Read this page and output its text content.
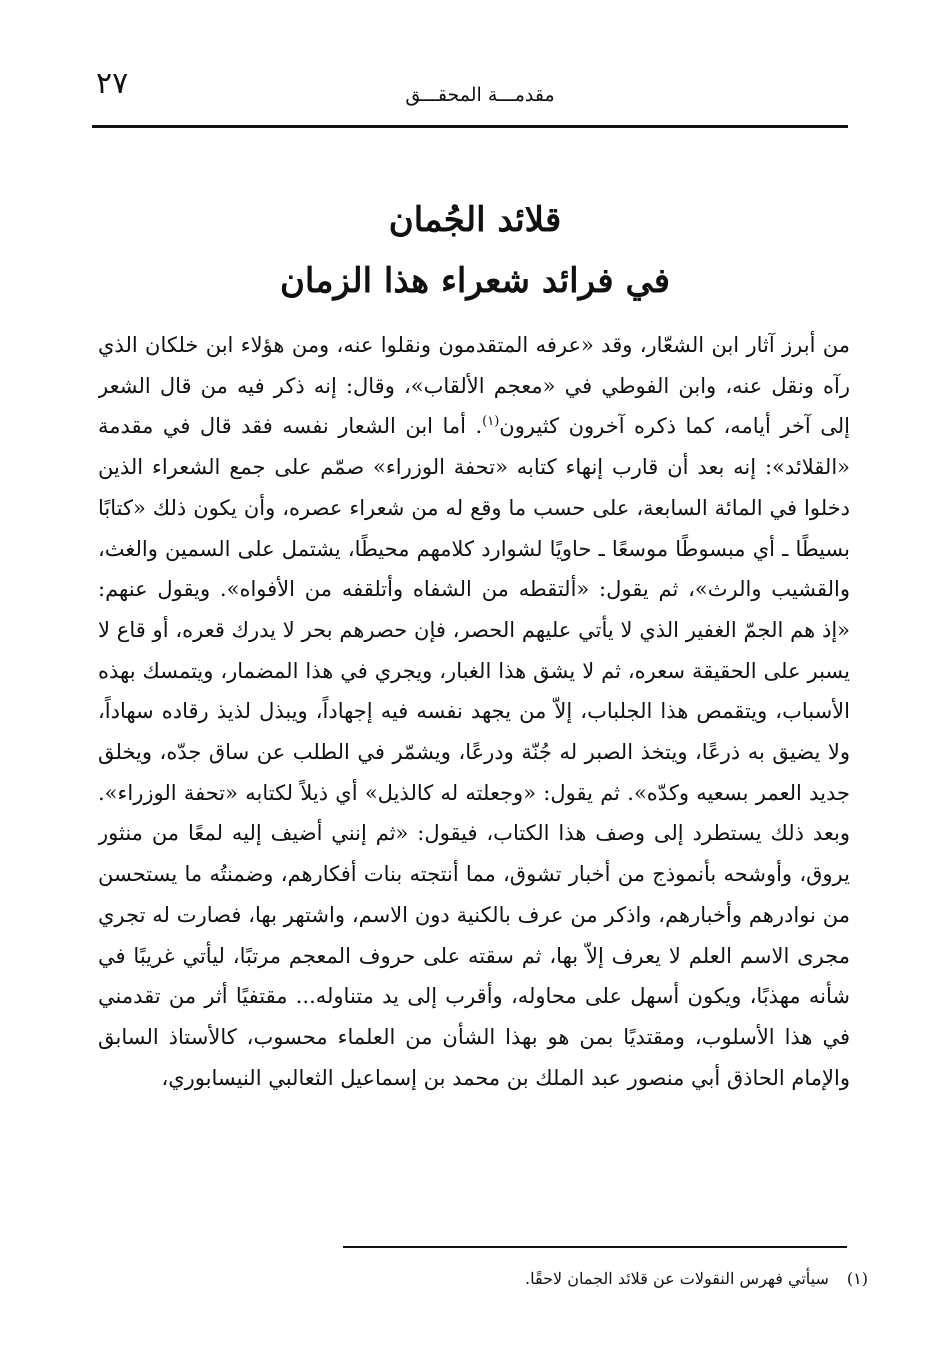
٢٧	مقدمـــة المحقـــق
قلائد الجُمان
في فرائد شعراء هذا الزمان

من أبرز آثار ابن الشعّار، وقد «عرفه المتقدمون ونقلوا عنه، ومن هؤلاء ابن خلكان الذي رآه ونقل عنه، وابن الفوطي في «معجم الألقاب»، وقال: إنه ذكر فيه من قال الشعر إلى آخر أيامه، كما ذكره آخرون كثيرون$^{(١)}$. أما ابن الشعار نفسه فقد قال في مقدمة «القلائد»: إنه بعد أن قارب إنهاء كتابه «تحفة الوزراء» صمّم على جمع الشعراء الذين دخلوا في المائة السابعة، على حسب ما وقع له من شعراء عصره، وأن يكون ذلك «كتابًا بسيطًا ـ أي مبسوطًا موسعًا ـ حاويًا لشوارد كلامهم محيطًا، يشتمل على السمين والغث، والقشيب والرث»، ثم يقول: «ألتقطه من الشفاه وأتلقفه من الأفواه». ويقول عنهم: «إذ هم الجمّ الغفير الذي لا يأتي عليهم الحصر، فإن حصرهم بحر لا يدرك قعره، أو قاع لا يسبر على الحقيقة سعره، ثم لا يشق هذا الغبار، ويجري في هذا المضمار، ويتمسك بهذه الأسباب، ويتقمص هذا الجلباب، إلاّ من يجهد نفسه فيه إجهاداً، ويبذل لذيذ رقاده سهاداً، ولا يضيق به ذرعًا، ويتخذ الصبر له جُنّة ودرعًا، ويشمّر في الطلب عن ساق جدّه، ويخلق جديد العمر بسعيه وكدّه». ثم يقول: «وجعلته له كالذيل» أي ذيلاً لكتابه «تحفة الوزراء». وبعد ذلك يستطرد إلى وصف هذا الكتاب، فيقول: «ثم إنني أضيف إليه لمعًا من منثور يروق، وأوشحه بأنموذج من أخبار تشوق، مما أنتجته بنات أفكارهم، وضمنتُه ما يستحسن من نوادرهم وأخبارهم، واذكر من عرف بالكنية دون الاسم، واشتهر بها، فصارت له تجري مجرى الاسم العلم لا يعرف إلاّ بها، ثم سقته على حروف المعجم مرتبًا، ليأتي غريبًا في شأنه مهذبًا، ويكون أسهل على محاوله، وأقرب إلى يد متناوله... مقتفيًا أثر من تقدمني في هذا الأسلوب، ومقتديًا بمن هو بهذا الشأن من العلماء محسوب، كالأستاذ السابق والإمام الحاذق أبي منصور عبد الملك بن محمد بن إسماعيل الثعالبي النيسابوري،

(١)سيأتي فهرس النقولات عن قلائد الجمان لاحقًا.
